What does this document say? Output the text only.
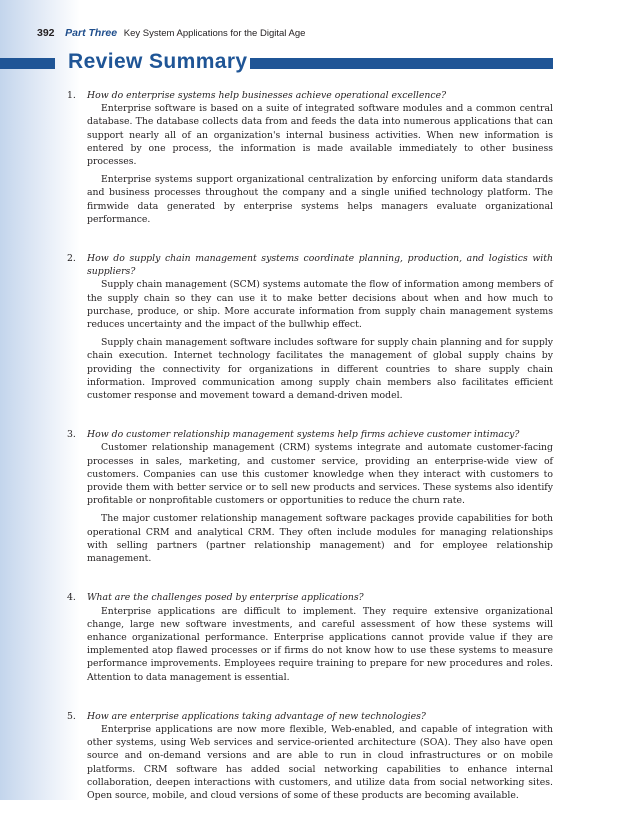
392 Part Three Key System Applications for the Digital Age
Review Summary
1.	How do enterprise systems help businesses achieve operational excellence?

Enterprise software is based on a suite of integrated software modules and a common central database. The database collects data from and feeds the data into numerous applications that can support nearly all of an organization's internal business activities. When new information is entered by one process, the information is made available immediately to other business processes.

Enterprise systems support organizational centralization by enforcing uniform data standards and business processes throughout the company and a single unified technology platform. The firmwide data generated by enterprise systems helps managers evaluate organizational performance.

2.	How do supply chain management systems coordinate planning, production, and logistics with suppliers?

Supply chain management (SCM) systems automate the flow of information among members of the supply chain so they can use it to make better decisions about when and how much to purchase, produce, or ship. More accurate information from supply chain management systems reduces uncertainty and the impact of the bullwhip effect.

Supply chain management software includes software for supply chain planning and for supply chain execution. Internet technology facilitates the management of global supply chains by providing the connectivity for organizations in different countries to share supply chain information. Improved communication among supply chain members also facilitates efficient customer response and movement toward a demand-driven model.

3.	How do customer relationship management systems help firms achieve customer intimacy?

Customer relationship management (CRM) systems integrate and automate customer-facing processes in sales, marketing, and customer service, providing an enterprise-wide view of customers. Companies can use this customer knowledge when they interact with customers to provide them with better service or to sell new products and services. These systems also identify profitable or nonprofitable customers or opportunities to reduce the churn rate.

The major customer relationship management software packages provide capabilities for both operational CRM and analytical CRM. They often include modules for managing relationships with selling partners (partner relationship management) and for employee relationship management.

4.	What are the challenges posed by enterprise applications?

Enterprise applications are difficult to implement. They require extensive organizational change, large new software investments, and careful assessment of how these systems will enhance organizational performance. Enterprise applications cannot provide value if they are implemented atop flawed processes or if firms do not know how to use these systems to measure performance improvements. Employees require training to prepare for new procedures and roles. Attention to data management is essential.

5.	How are enterprise applications taking advantage of new technologies?

Enterprise applications are now more flexible, Web-enabled, and capable of integration with other systems, using Web services and service-oriented architecture (SOA). They also have open source and on-demand versions and are able to run in cloud infrastructures or on mobile platforms. CRM software has added social networking capabilities to enhance internal collaboration, deepen interactions with customers, and utilize data from social networking sites. Open source, mobile, and cloud versions of some of these products are becoming available.
